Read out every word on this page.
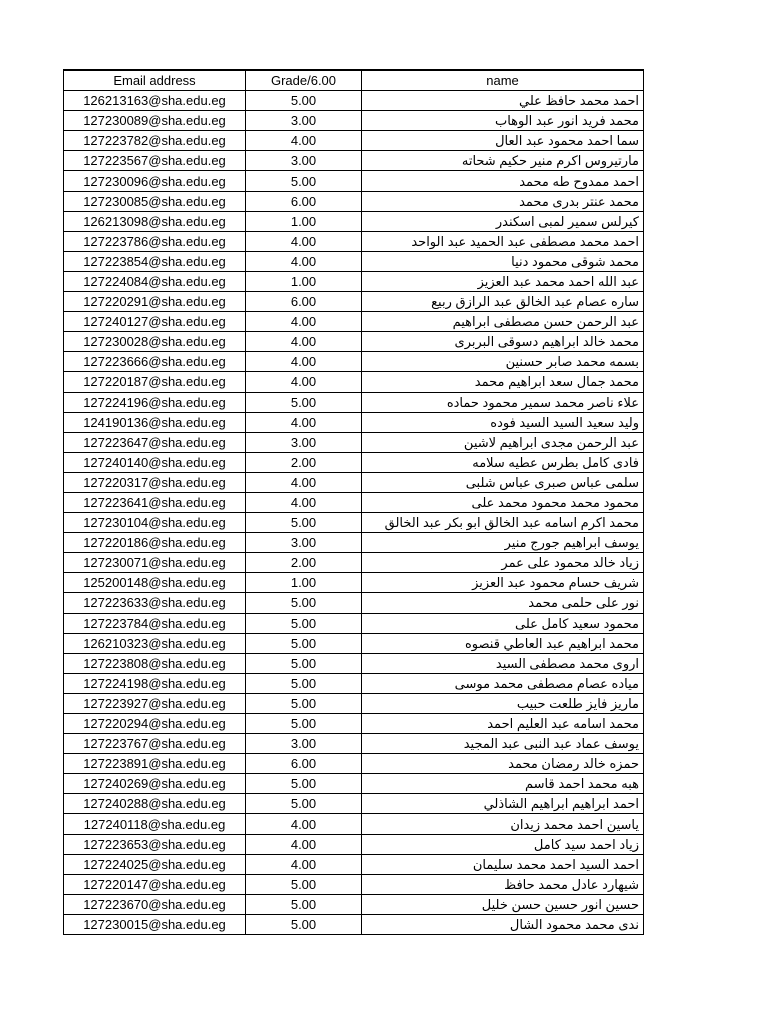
Email address	Grade/6.00	name
126213163@sha.edu.eg	5.00	احمد محمد حافظ علي
127230089@sha.edu.eg	3.00	محمد فريد انور عبد الوهاب
127223782@sha.edu.eg	4.00	سما احمد محمود عبد العال
127223567@sha.edu.eg	3.00	مارتيروس اكرم منير حكيم شحاته
127230096@sha.edu.eg	5.00	احمد ممدوح طه محمد
127230085@sha.edu.eg	6.00	محمد عنتر بدرى محمد
126213098@sha.edu.eg	1.00	كيرلس سمير لمبى اسكندر
127223786@sha.edu.eg	4.00	احمد محمد مصطفى عبد الحميد عبد الواحد
127223854@sha.edu.eg	4.00	محمد شوقى محمود دنيا
127224084@sha.edu.eg	1.00	عبد الله احمد محمد عبد العزيز
127220291@sha.edu.eg	6.00	ساره عصام عبد الخالق عبد الرازق ربيع
127240127@sha.edu.eg	4.00	عبد الرحمن حسن مصطفى ابراهيم
127230028@sha.edu.eg	4.00	محمد خالد ابراهيم دسوقى البربرى
127223666@sha.edu.eg	4.00	بسمه محمد صابر حسنين
127220187@sha.edu.eg	4.00	محمد جمال سعد ابراهيم محمد
127224196@sha.edu.eg	5.00	علاء ناصر محمد سمير محمود حماده
124190136@sha.edu.eg	4.00	وليد سعيد السيد السيد فوده
127223647@sha.edu.eg	3.00	عبد الرحمن مجدى ابراهيم لاشين
127240140@sha.edu.eg	2.00	فادى كامل بطرس عطيه سلامه
127220317@sha.edu.eg	4.00	سلمى عباس صبرى عباس شلبى
127223641@sha.edu.eg	4.00	محمود محمد محمود محمد على
127230104@sha.edu.eg	5.00	محمد اكرم اسامه عبد الخالق ابو بكر عبد الخالق
127220186@sha.edu.eg	3.00	يوسف ابراهيم جورج منير
127230071@sha.edu.eg	2.00	زياد خالد محمود على عمر
125200148@sha.edu.eg	1.00	شريف حسام محمود عبد العزيز
127223633@sha.edu.eg	5.00	نور على حلمى محمد
127223784@sha.edu.eg	5.00	محمود سعيد كامل على
126210323@sha.edu.eg	5.00	محمد ابراهيم عبد العاطي قنصوه
127223808@sha.edu.eg	5.00	اروى محمد مصطفى السيد
127224198@sha.edu.eg	5.00	مياده عصام مصطفى محمد موسى
127223927@sha.edu.eg	5.00	ماريز فايز طلعت حبيب
127220294@sha.edu.eg	5.00	محمد اسامه عبد العليم احمد
127223767@sha.edu.eg	3.00	يوسف عماد عبد النبى عبد المجيد
127223891@sha.edu.eg	6.00	حمزه خالد رمضان محمد
127240269@sha.edu.eg	5.00	هبه محمد احمد قاسم
127240288@sha.edu.eg	5.00	احمد ابراهيم ابراهيم الشاذلي
127240118@sha.edu.eg	4.00	ياسين احمد محمد زيدان
127223653@sha.edu.eg	4.00	زياد احمد سيد كامل
127224025@sha.edu.eg	4.00	احمد السيد احمد محمد سليمان
127220147@sha.edu.eg	5.00	شيهارد عادل محمد حافظ
127223670@sha.edu.eg	5.00	حسين انور حسين حسن خليل
127230015@sha.edu.eg	5.00	ندى محمد محمود الشال
